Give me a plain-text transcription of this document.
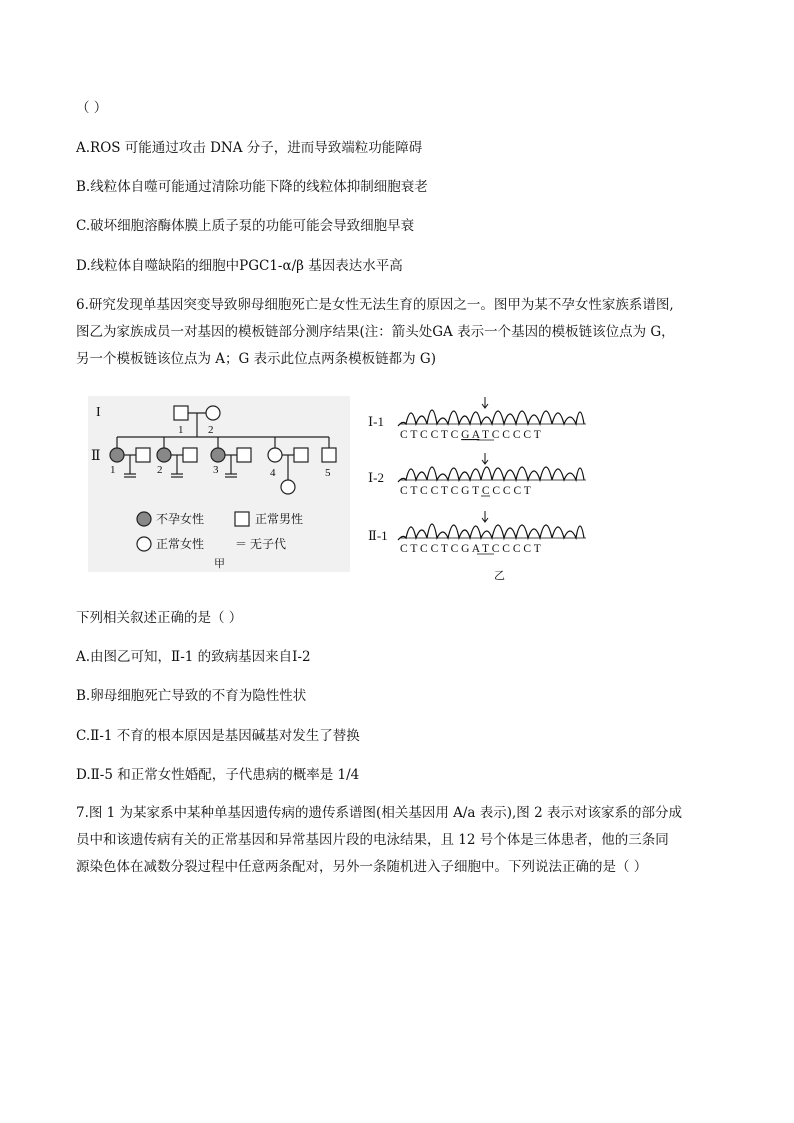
（ ）
A.ROS 可能通过攻击 DNA 分子，进而导致端粒功能障碍
B.线粒体自噬可能通过清除功能下降的线粒体抑制细胞衰老
C.破坏细胞溶酶体膜上质子泵的功能可能会导致细胞早衰
D.线粒体自噬缺陷的细胞中PGC1-α/β 基因表达水平高
6.研究发现单基因突变导致卵母细胞死亡是女性无法生育的原因之一。图甲为某不孕女性家族系谱图,
图乙为家族成员一对基因的模板链部分测序结果(注：箭头处GA 表示一个基因的模板链该位点为 G，
另一个模板链该位点为 A；G 表示此位点两条模板链都为 G)
I
1 2
Ⅱ
1	2	3	4	5
不孕女性	正常男性
正常女性	＝ 无子代
甲
Ⅰ-1
C T C C T C G A T C C C C T
Ⅰ-2
C T C C T C G T C C C C T
Ⅱ-1
C T C C T C G A T C C C C T
乙
下列相关叙述正确的是（ ）
A.由图乙可知，Ⅱ-1 的致病基因来自I-2
B.卵母细胞死亡导致的不育为隐性性状
C.Ⅱ-1 不育的根本原因是基因碱基对发生了替换
D.Ⅱ-5 和正常女性婚配，子代患病的概率是 1/4
7.图 1 为某家系中某种单基因遗传病的遗传系谱图(相关基因用 A/a 表示),图 2 表示对该家系的部分成
员中和该遗传病有关的正常基因和异常基因片段的电泳结果，且 12 号个体是三体患者，他的三条同
源染色体在减数分裂过程中任意两条配对，另外一条随机进入子细胞中。下列说法正确的是（ ）
